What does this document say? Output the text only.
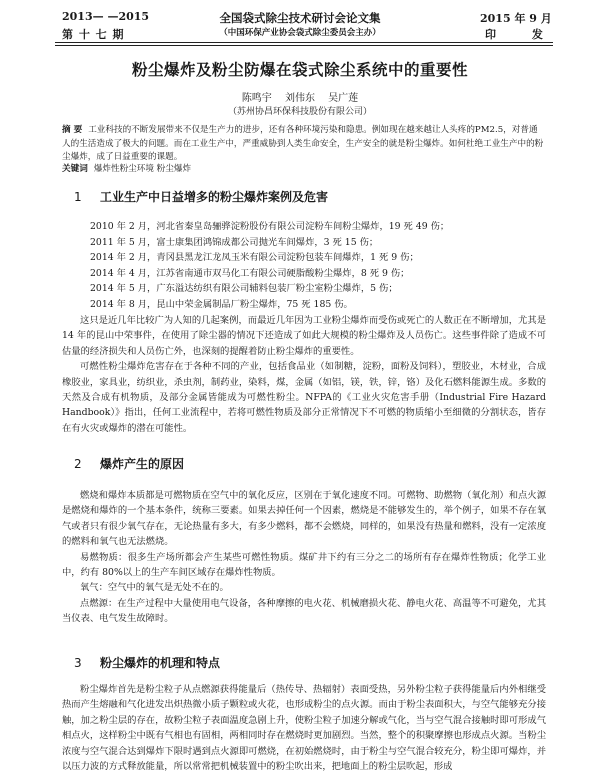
2013— —2015
第 十 七 期
全国袋式除尘技术研讨会论文集
（中国环保产业协会袋式除尘委员会主办）
2015 年 9 月
印 发
粉尘爆炸及粉尘防爆在袋式除尘系统中的重要性
陈鸣宇 刘伟东 吴广莲
（苏州协昌环保科技股份有限公司）
摘 要 工业科技的不断发展带来不仅是生产力的进步，还有各种环境污染和隐患。例如现在越来越让人头疼的PM2.5，对普通人的生活造成了极大的问题。而在工业生产中，严重威胁到人类生命安全，生产安全的就是粉尘爆炸。如何杜绝工业生产中的粉尘爆炸，成了日益重要的课题。
关键词 爆炸性粉尘环境 粉尘爆炸
1 工业生产中日益增多的粉尘爆炸案例及危害
2010 年 2 月，河北省秦皇岛骊骅淀粉股份有限公司淀粉车间粉尘爆炸，19 死 49 伤；
2011 年 5 月，富士康集团鸿锦成都公司抛光车间爆炸，3 死 15 伤；
2014 年 2 月，青冈县黑龙江龙凤玉米有限公司淀粉包装车间爆炸，1 死 9 伤；
2014 年 4 月，江苏省南通市双马化工有限公司硬脂酸粉尘爆炸，8 死 9 伤；
2014 年 5 月，广东溢达纺织有限公司辅料包装厂粉尘室粉尘爆炸，5 伤；
2014 年 8 月，昆山中荣金属制品厂粉尘爆炸，75 死 185 伤。

这只是近几年比较广为人知的几起案例，而最近几年因为工业粉尘爆炸而受伤或死亡的人数正在不断增加，尤其是 14 年的昆山中荣事件，在使用了除尘器的情况下还造成了如此大规模的粉尘爆炸及人员伤亡。这些事件除了造成不可估量的经济损失和人员伤亡外，也深刻的提醒着防止粉尘爆炸的重要性。

可燃性粉尘爆炸危害存在于各种不同的产业，包括食品业（如制糖，淀粉，面粉及饲料），塑胶业，木材业，合成橡胶业，家具业，纺织业，杀虫剂，制药业，染料，煤，金属（如铝，镁，铁，锌，铬）及化石燃料能源生成。多数的天然及合成有机物质，及部分金属皆能成为可燃性粉尘。NFPA的《工业火灾危害手册（Industrial Fire Hazard Handbook）》指出，任何工业流程中，若将可燃性物质及部分正常情况下不可燃的物质缩小至细微的分割状态，皆存在有火灾或爆炸的潜在可能性。

2 爆炸产生的原因

燃烧和爆炸本质都是可燃物质在空气中的氧化反应，区别在于氧化速度不同。可燃物、助燃物（氧化剂）和点火源是燃烧和爆炸的一个基本条件，统称三要素。如果去掉任何一个因素，燃烧是不能够发生的，举个例子，如果不存在氧气或者只有很少氧气存在，无论热量有多大，有多少燃料，都不会燃烧，同样的，如果没有热量和燃料，没有一定浓度的燃料和氧气也无法燃烧。

易燃物质：很多生产场所都会产生某些可燃性物质。煤矿井下约有三分之二的场所有存在爆炸性物质；化学工业中，约有 80%以上的生产车间区域存在爆炸性物质。

氧气：空气中的氧气是无处不在的。

点燃源：在生产过程中大量使用电气设备，各种摩擦的电火花、机械磨损火花、静电火花、高温等不可避免，尤其当仪表、电气发生故障时。

3 粉尘爆炸的机理和特点

粉尘爆炸首先是粉尘粒子从点燃源获得能量后（热传导、热辐射）表面受热，另外粉尘粒子获得能量后内外相继受热而产生熔融和气化进发出炽热微小质子颗粒或火花，也形成粉尘的点火源。而由于粉尘表面积大，与空气能够充分接触，加之粉尘层的存在，故粉尘粒子表面温度急剧上升，使粉尘粒子加速分解或气化，当与空气混合接触时即可形成气相点火，这样粉尘中既有气相也有固相，两相同时存在燃烧时更加剧烈。当然，整个的积聚摩擦也形成点火源。当粉尘浓度与空气混合达到爆炸下限时遇到点火源即可燃烧，在初始燃烧时，由于粉尘与空气混合较充分，粉尘即可爆炸，并以压力波的方式释放能量，所以常常把机械装置中的粉尘吹出来，把地面上的粉尘层吹起，形成
